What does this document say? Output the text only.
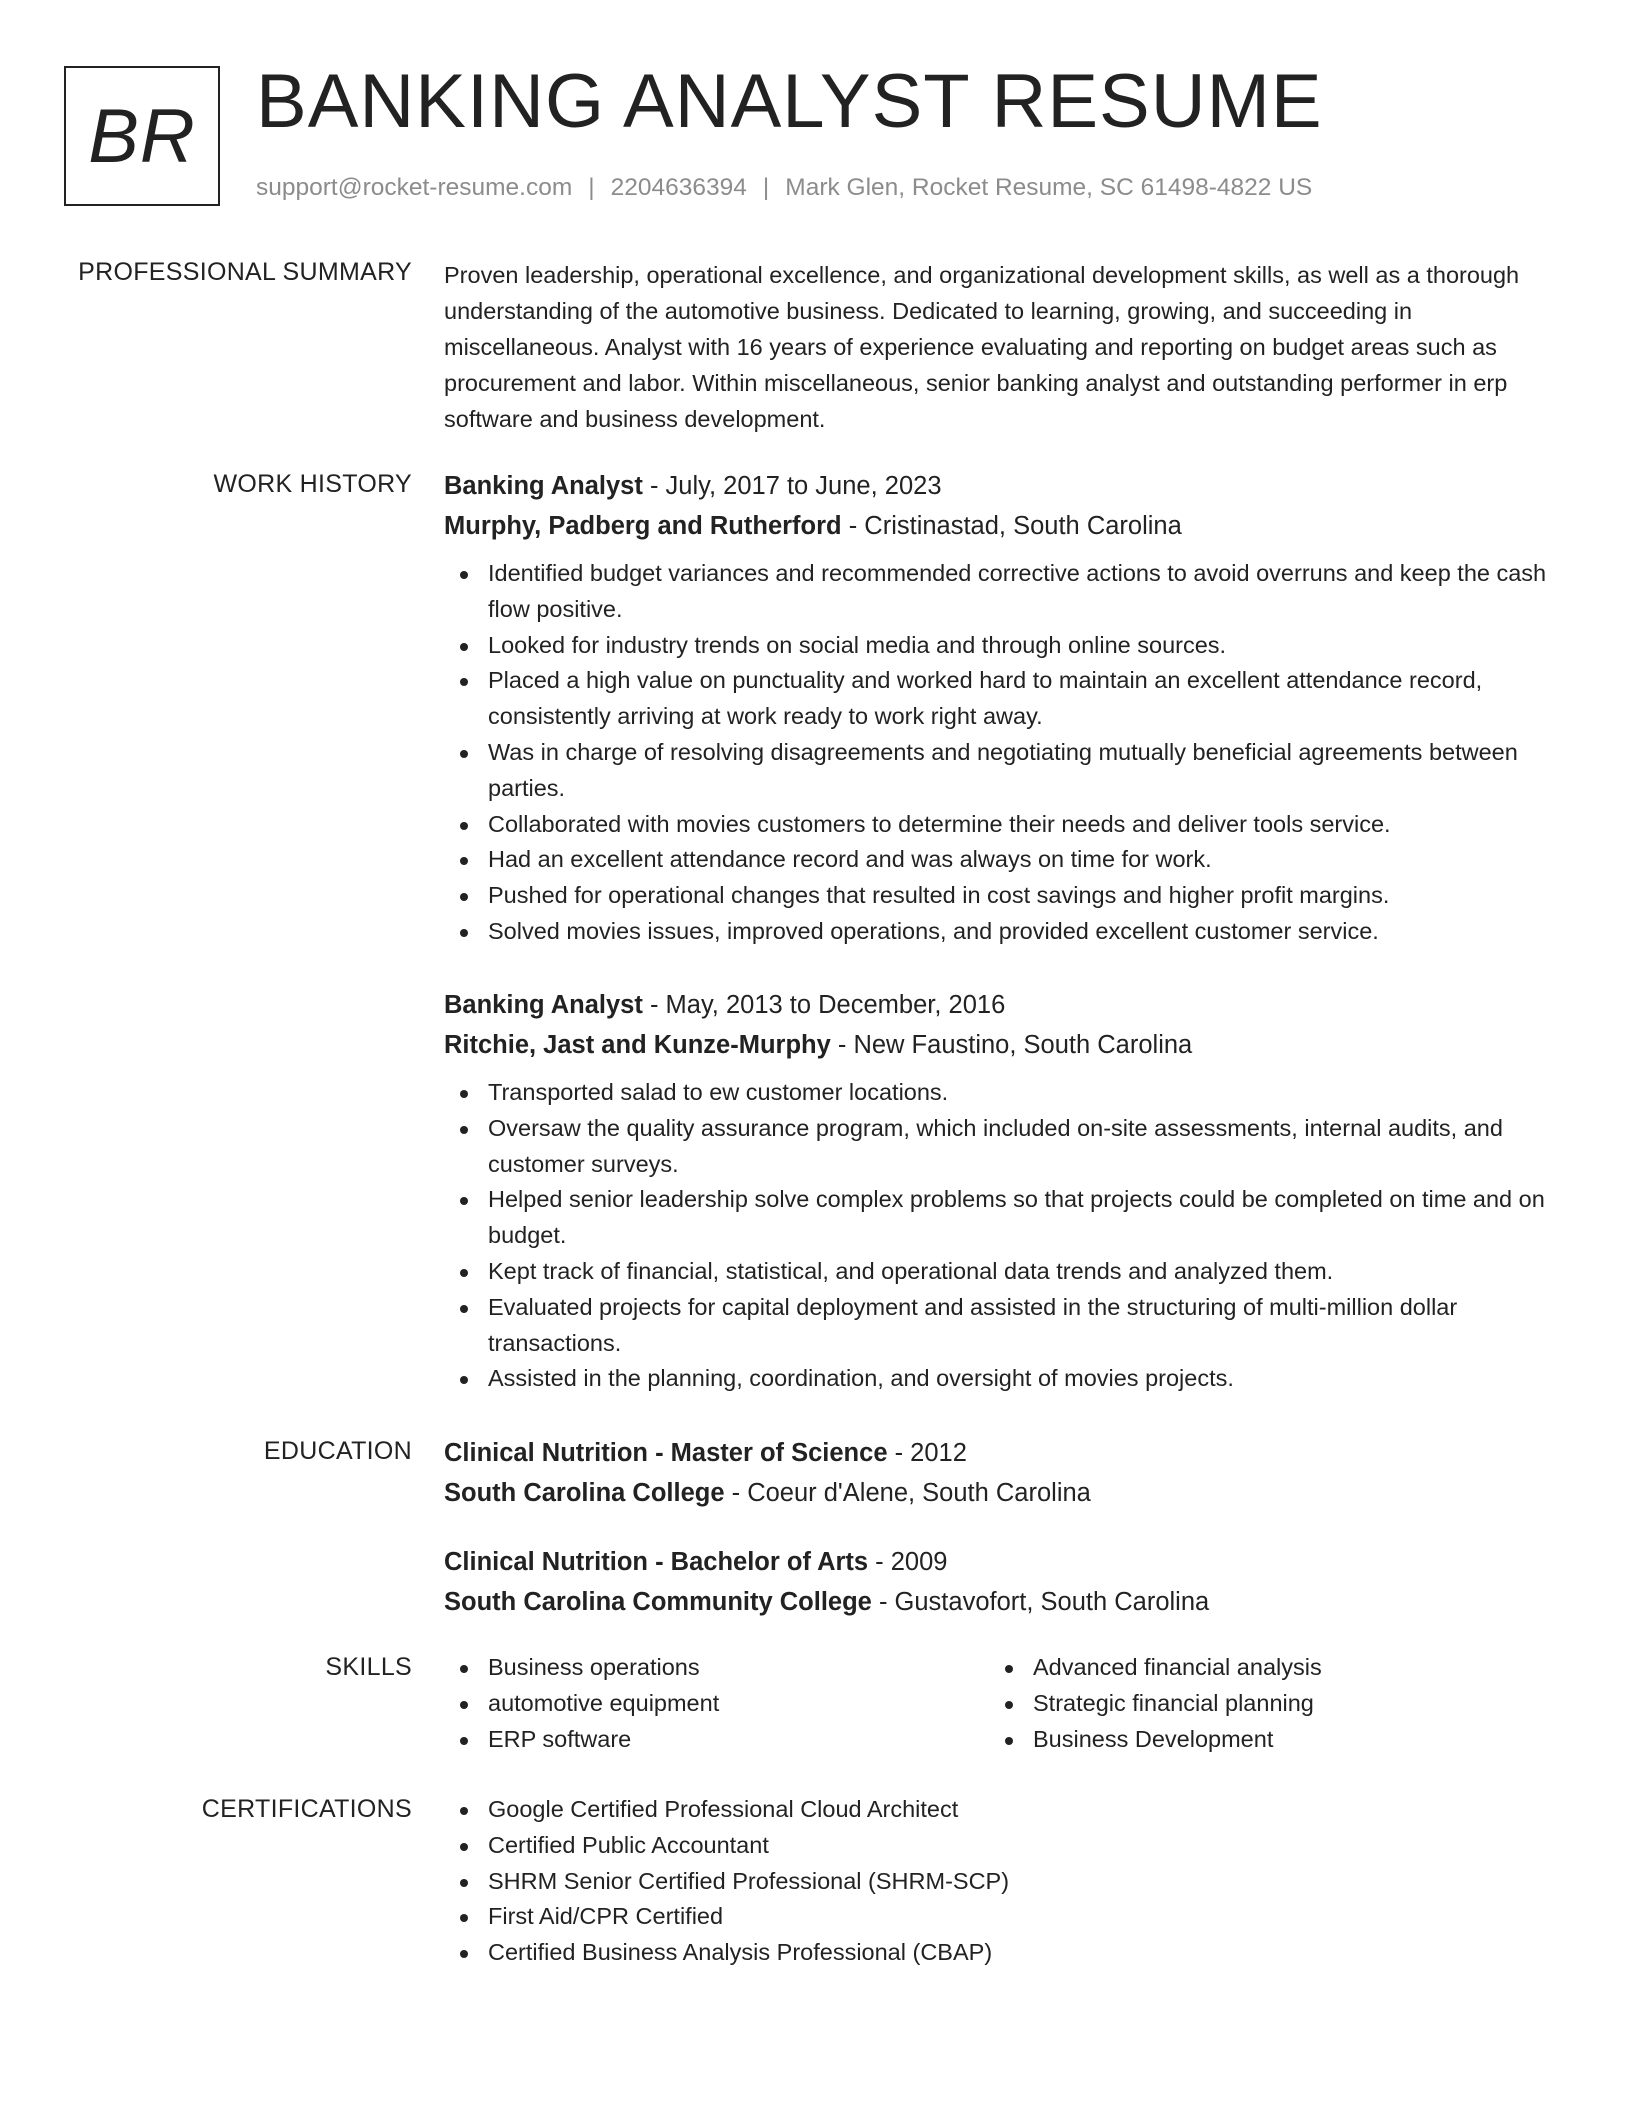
BR BANKING ANALYST RESUME
support@rocket-resume.com | 2204636394 | Mark Glen, Rocket Resume, SC 61498-4822 US
PROFESSIONAL SUMMARY Proven leadership, operational excellence, and organizational development skills, as well as a thorough understanding of the automotive business. Dedicated to learning, growing, and succeeding in miscellaneous. Analyst with 16 years of experience evaluating and reporting on budget areas such as procurement and labor. Within miscellaneous, senior banking analyst and outstanding performer in erp software and business development.

WORK HISTORY Banking Analyst - July, 2017 to June, 2023
Murphy, Padberg and Rutherford - Cristinastad, South Carolina
Identified budget variances and recommended corrective actions to avoid overruns and keep the cash flow positive.
Looked for industry trends on social media and through online sources.
Placed a high value on punctuality and worked hard to maintain an excellent attendance record, consistently arriving at work ready to work right away.
Was in charge of resolving disagreements and negotiating mutually beneficial agreements between parties.
Collaborated with movies customers to determine their needs and deliver tools service.
Had an excellent attendance record and was always on time for work.
Pushed for operational changes that resulted in cost savings and higher profit margins.
Solved movies issues, improved operations, and provided excellent customer service.
Banking Analyst - May, 2013 to December, 2016
Ritchie, Jast and Kunze-Murphy - New Faustino, South Carolina
Transported salad to ew customer locations.
Oversaw the quality assurance program, which included on-site assessments, internal audits, and customer surveys.
Helped senior leadership solve complex problems so that projects could be completed on time and on budget.
Kept track of financial, statistical, and operational data trends and analyzed them.
Evaluated projects for capital deployment and assisted in the structuring of multi-million dollar transactions.
Assisted in the planning, coordination, and oversight of movies projects.
EDUCATION Clinical Nutrition - Master of Science - 2012
South Carolina College - Coeur d'Alene, South Carolina
Clinical Nutrition - Bachelor of Arts - 2009
South Carolina Community College - Gustavofort, South Carolina
SKILLS	Business operations
automotive equipment
ERP software
Advanced financial analysis
Strategic financial planning
Business Development
CERTIFICATIONS	Google Certified Professional Cloud Architect
Certified Public Accountant
SHRM Senior Certified Professional (SHRM-SCP)
First Aid/CPR Certified
Certified Business Analysis Professional (CBAP)
